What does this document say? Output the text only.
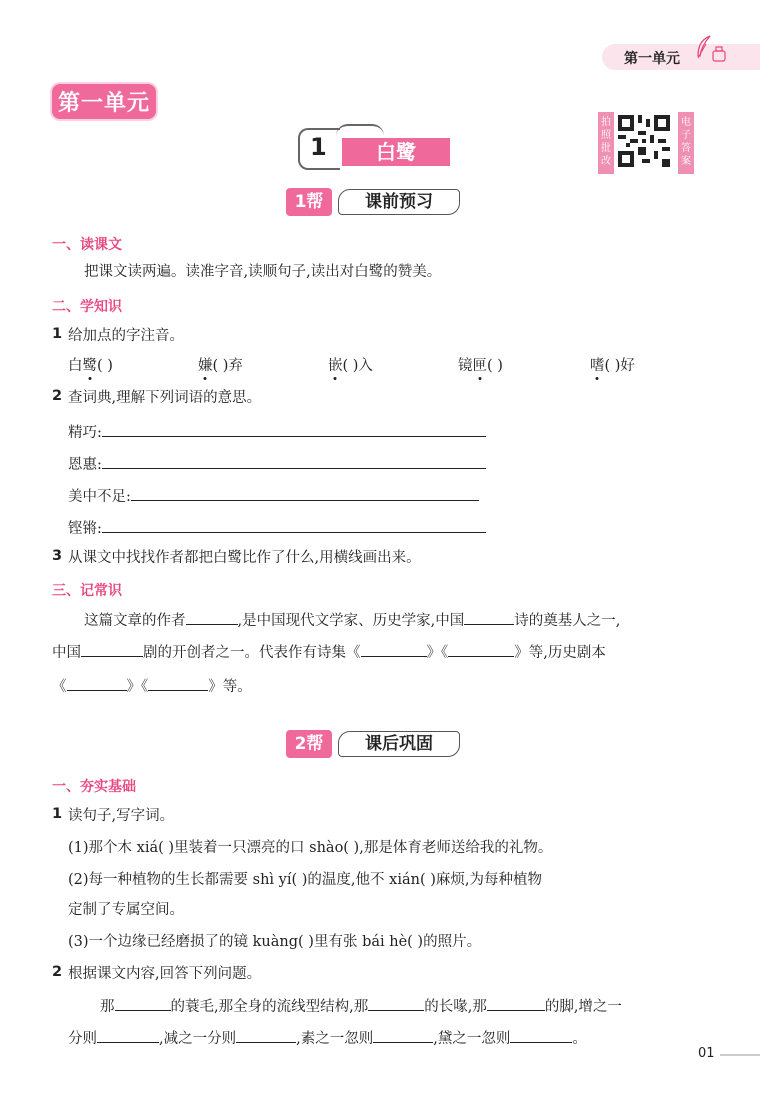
第一单元
第一单元
1	白鹭
拍照批改
电子答案
1帮	课前预习
一、读课文
把课文读两遍。读准字音,读顺句子,读出对白鹭的赞美。
二、学知识
1 给加点的字注音。
白鹭( )	嫌( )弃	嵌( )入	镜匣( )	嗜( )好
2 查词典,理解下列词语的意思。
精巧:
恩惠:
美中不足:
铿锵:
3 从课文中找找作者都把白鹭比作了什么,用横线画出来。
三、记常识
这篇文章的作者	,是中国现代文学家、历史学家,中国	诗的奠基人之一,
中国	剧的开创者之一。代表作有诗集《	》《	》等,历史剧本
《	》《	》等。
2帮	课后巩固
一、夯实基础
1 读句子,写字词。
(1)那个木 xiá( )里装着一只漂亮的口 shào( ),那是体育老师送给我的礼物。
(2)每一种植物的生长都需要 shì yí( )的温度,他不 xián( )麻烦,为每种植物
定制了专属空间。
(3)一个边缘已经磨损了的镜 kuàng( )里有张 bái hè( )的照片。
2 根据课文内容,回答下列问题。
那	的蓑毛,那全身的流线型结构,那	的长喙,那	的脚,增之一
分则	,减之一分则	,素之一忽则	,黛之一忽则	。
01
